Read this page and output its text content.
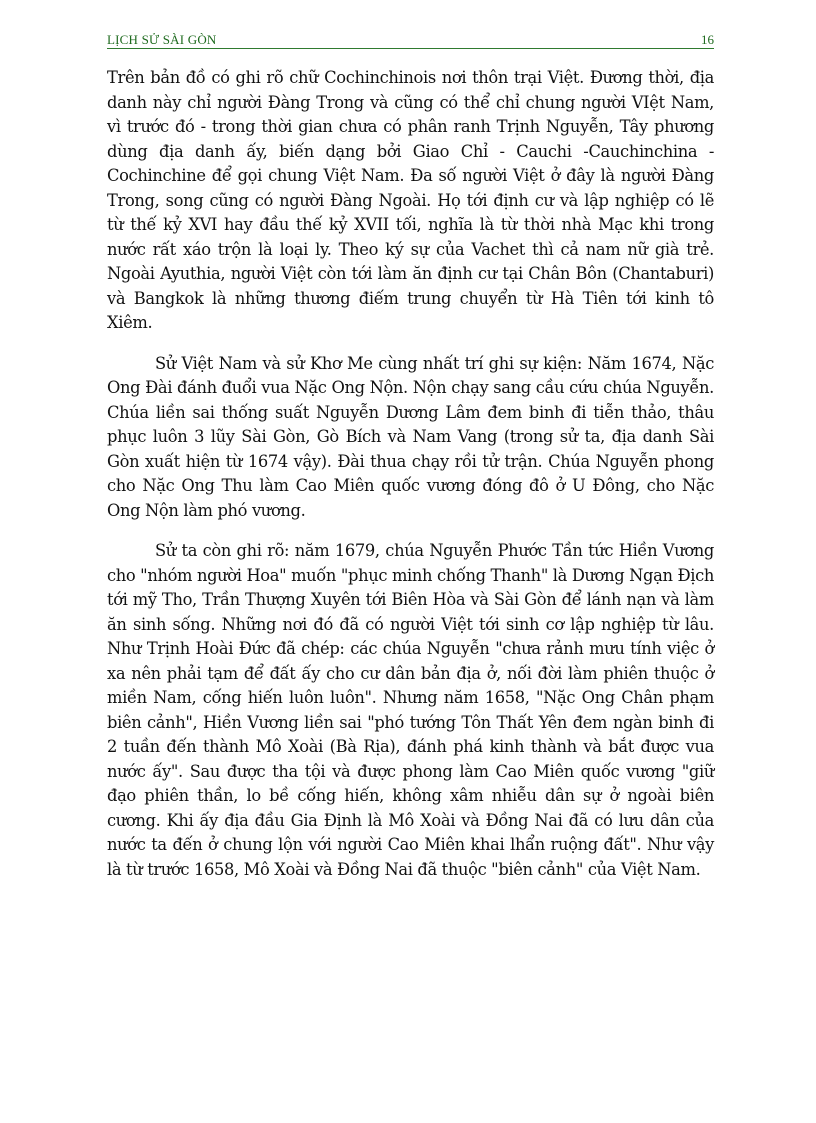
LỊCH SỬ SÀI GÒN	16

Trên bản đồ có ghi rõ chữ Cochinchinois nơi thôn trại Việt. Đương thời, địa danh này chỉ người Đàng Trong và cũng có thể chỉ chung người VIệt Nam, vì trước đó - trong thời gian chưa có phân ranh Trịnh Nguyễn, Tây phương dùng địa danh ấy, biến dạng bởi Giao Chỉ - Cauchi -Cauchinchina - Cochinchine để gọi chung Việt Nam. Đa số người Việt ở đây là người Đàng Trong, song cũng có người Đàng Ngoài. Họ tới định cư và lập nghiệp có lẽ từ thế kỷ XVI hay đầu thế kỷ XVII tối, nghĩa là từ thời nhà Mạc khi trong nước rất xáo trộn là loại ly. Theo ký sự của Vachet thì cả nam nữ già trẻ. Ngoài Ayuthia, người Việt còn tới làm ăn định cư tại Chân Bôn (Chantaburi) và Bangkok là những thương điếm trung chuyển từ Hà Tiên tới kinh tô Xiêm.

Sử Việt Nam và sử Khơ Me cùng nhất trí ghi sự kiện: Năm 1674, Nặc Ong Đài đánh đuổi vua Nặc Ong Nộn. Nộn chạy sang cầu cứu chúa Nguyễn. Chúa liền sai thống suất Nguyễn Dương Lâm đem binh đi tiễn thảo, thâu phục luôn 3 lũy Sài Gòn, Gò Bích và Nam Vang (trong sử ta, địa danh Sài Gòn xuất hiện từ 1674 vậy). Đài thua chạy rồi tử trận. Chúa Nguyễn phong cho Nặc Ong Thu làm Cao Miên quốc vương đóng đô ở U Đông, cho Nặc Ong Nộn làm phó vương.

Sử ta còn ghi rõ: năm 1679, chúa Nguyễn Phước Tần tức Hiền Vương cho "nhóm người Hoa" muốn "phục minh chống Thanh" là Dương Ngạn Địch tới mỹ Tho, Trần Thượng Xuyên tới Biên Hòa và Sài Gòn để lánh nạn và làm ăn sinh sống. Những nơi đó đã có người Việt tới sinh cơ lập nghiệp từ lâu. Như Trịnh Hoài Đức đã chép: các chúa Nguyễn "chưa rảnh mưu tính việc ở xa nên phải tạm để đất ấy cho cư dân bản địa ở, nối đời làm phiên thuộc ở miền Nam, cống hiến luôn luôn". Nhưng năm 1658, "Nặc Ong Chân phạm biên cảnh", Hiền Vương liền sai "phó tướng Tôn Thất Yên đem ngàn binh đi 2 tuần đến thành Mô Xoài (Bà Rịa), đánh phá kinh thành và bắt được vua nước ấy". Sau được tha tội và được phong làm Cao Miên quốc vương "giữ đạo phiên thần, lo bề cống hiến, không xâm nhiễu dân sự ở ngoài biên cương. Khi ấy địa đầu Gia Định là Mô Xoài và Đồng Nai đã có lưu dân của nước ta đến ở chung lộn với người Cao Miên khai lhẩn ruộng đất". Như vậy là từ trước 1658, Mô Xoài và Đồng Nai đã thuộc "biên cảnh" của Việt Nam.
